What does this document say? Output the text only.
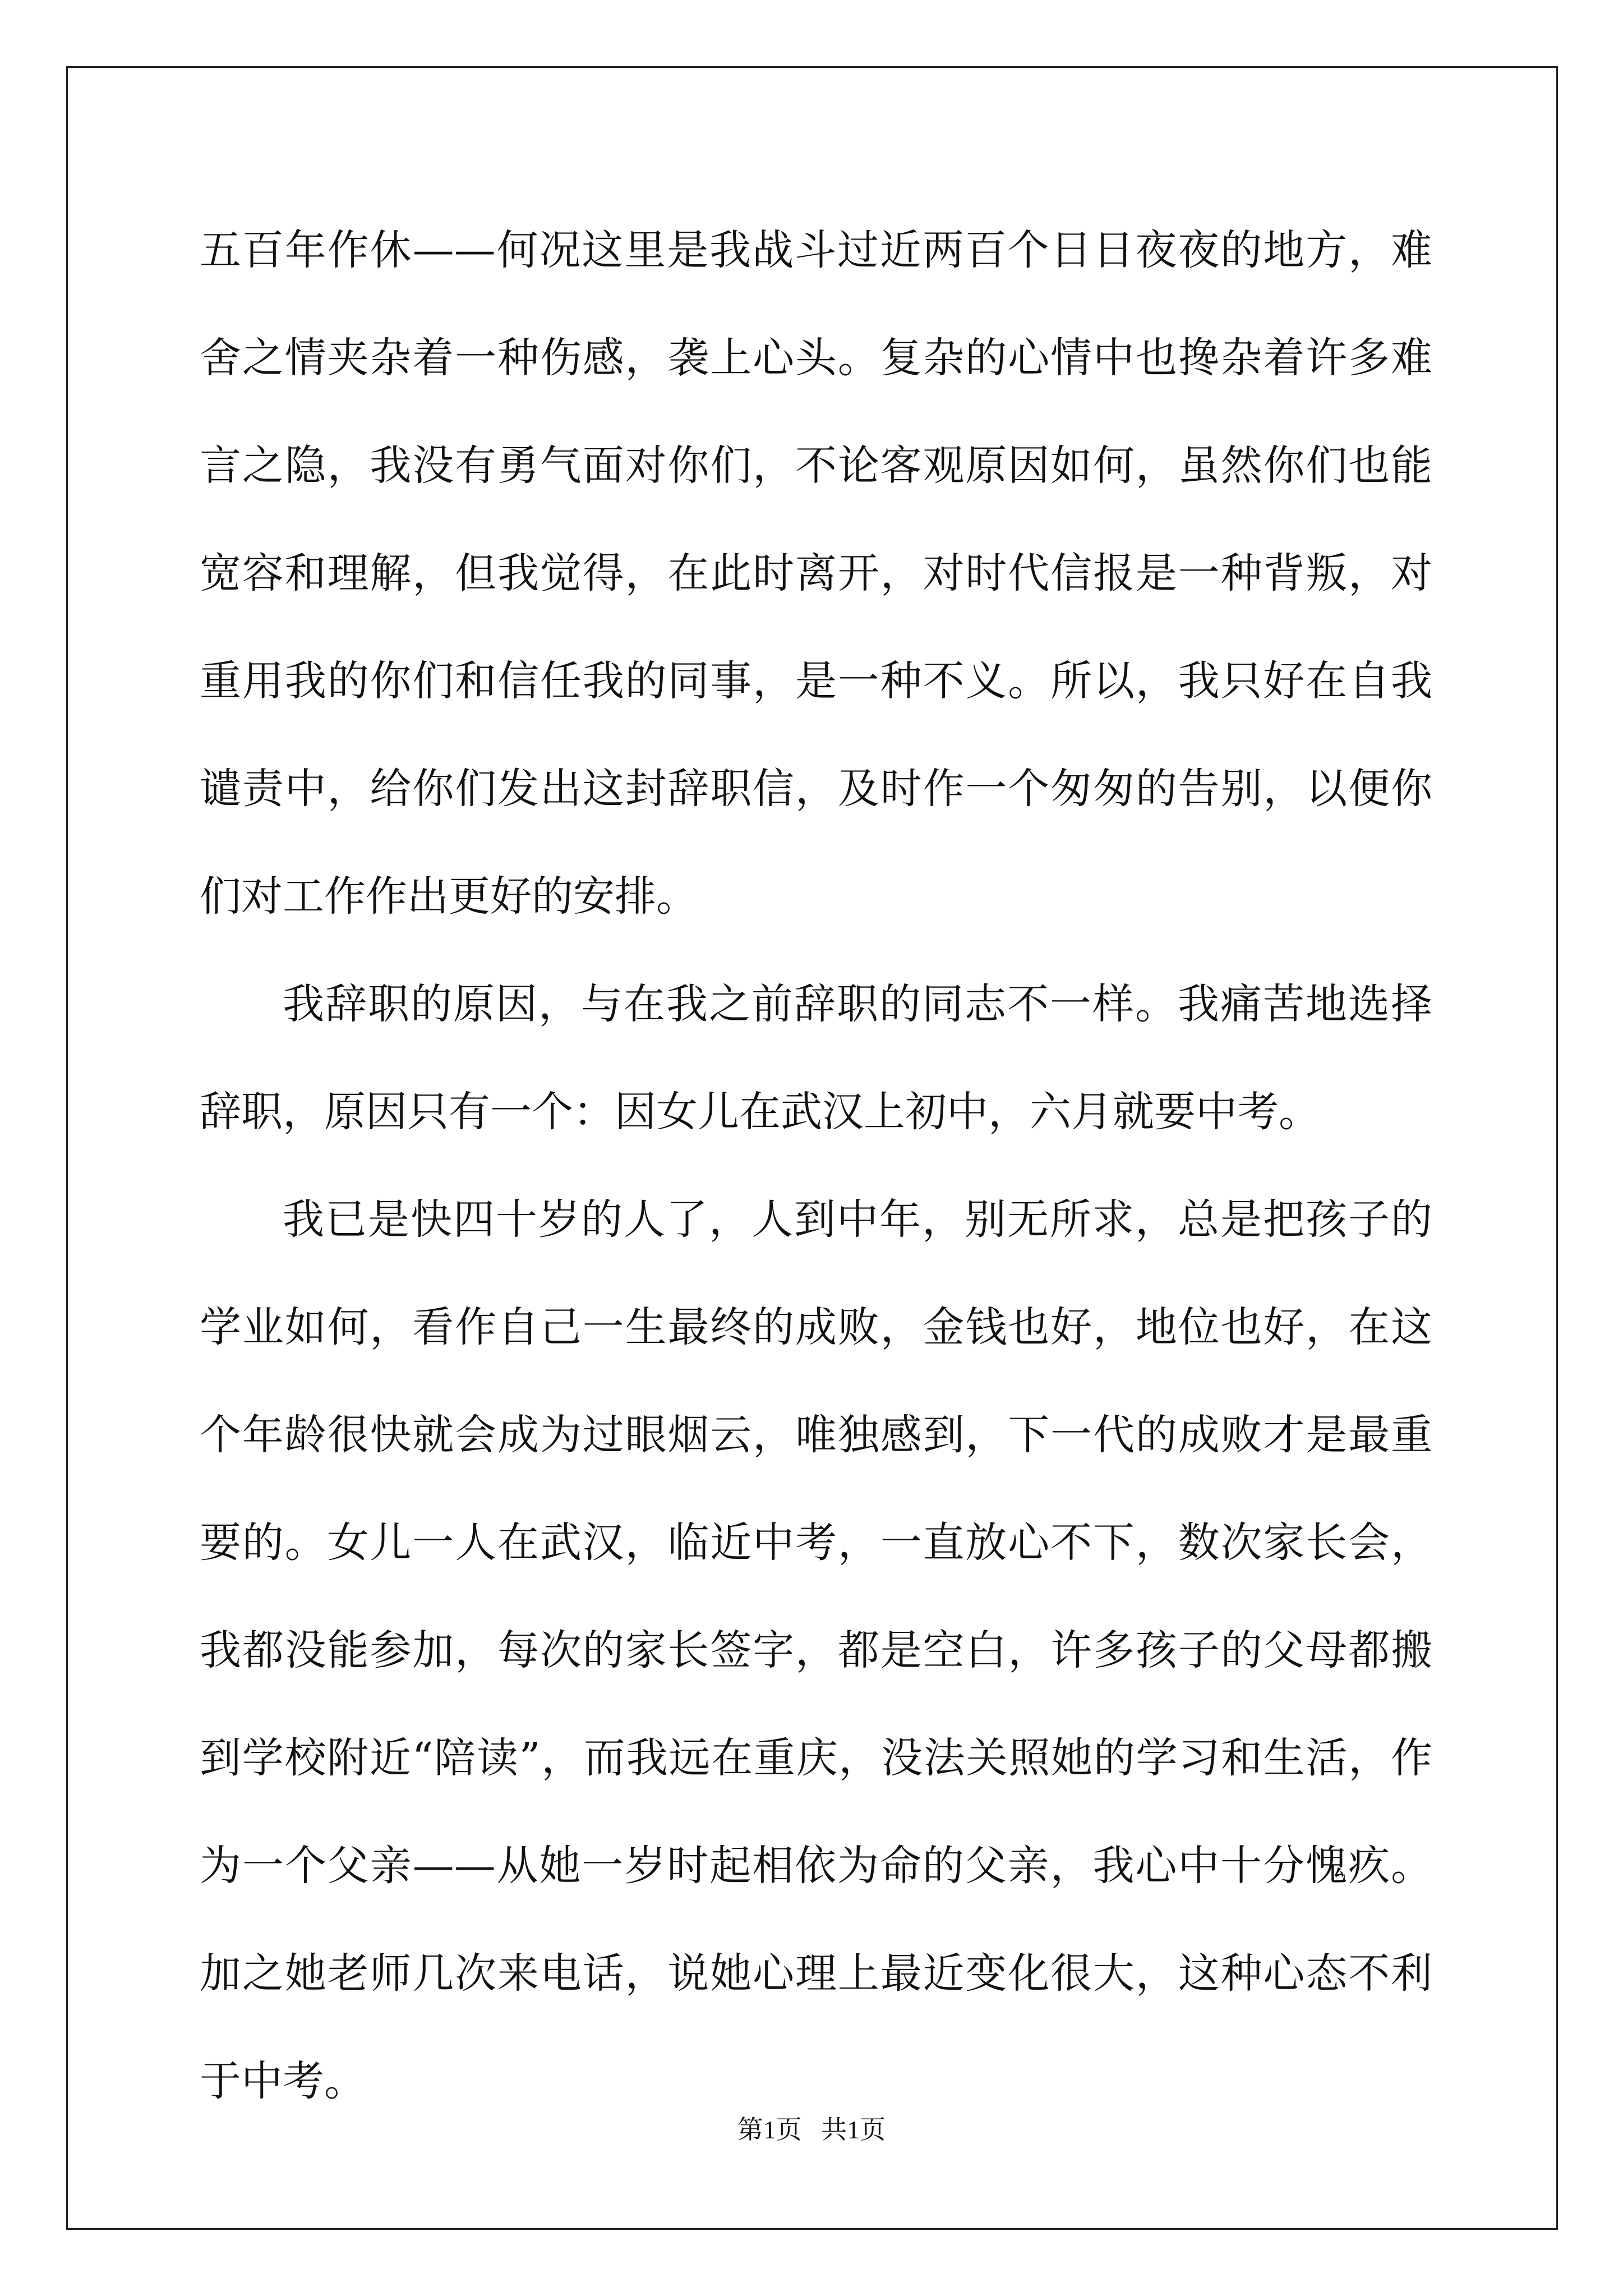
五百年作休——何况这里是我战斗过近两百个日日夜夜的地方，难舍之情夹杂着一种伤感，袭上心头。复杂的心情中也搀杂着许多难言之隐，我没有勇气面对你们，不论客观原因如何，虽然你们也能宽容和理解，但我觉得，在此时离开，对时代信报是一种背叛，对重用我的你们和信任我的同事，是一种不义。所以，我只好在自我谴责中，给你们发出这封辞职信，及时作一个匆匆的告别，以便你们对工作作出更好的安排。

我辞职的原因，与在我之前辞职的同志不一样。我痛苦地选择辞职，原因只有一个：因女儿在武汉上初中，六月就要中考。

我已是快四十岁的人了，人到中年，别无所求，总是把孩子的学业如何，看作自己一生最终的成败，金钱也好，地位也好，在这个年龄很快就会成为过眼烟云，唯独感到，下一代的成败才是最重要的。女儿一人在武汉，临近中考，一直放心不下，数次家长会，我都没能参加，每次的家长签字，都是空白，许多孩子的父母都搬到学校附近“陪读”，而我远在重庆，没法关照她的学习和生活，作为一个父亲——从她一岁时起相依为命的父亲，我心中十分愧疚。加之她老师几次来电话，说她心理上最近变化很大，这种心态不利于中考。

第1页   共1页
